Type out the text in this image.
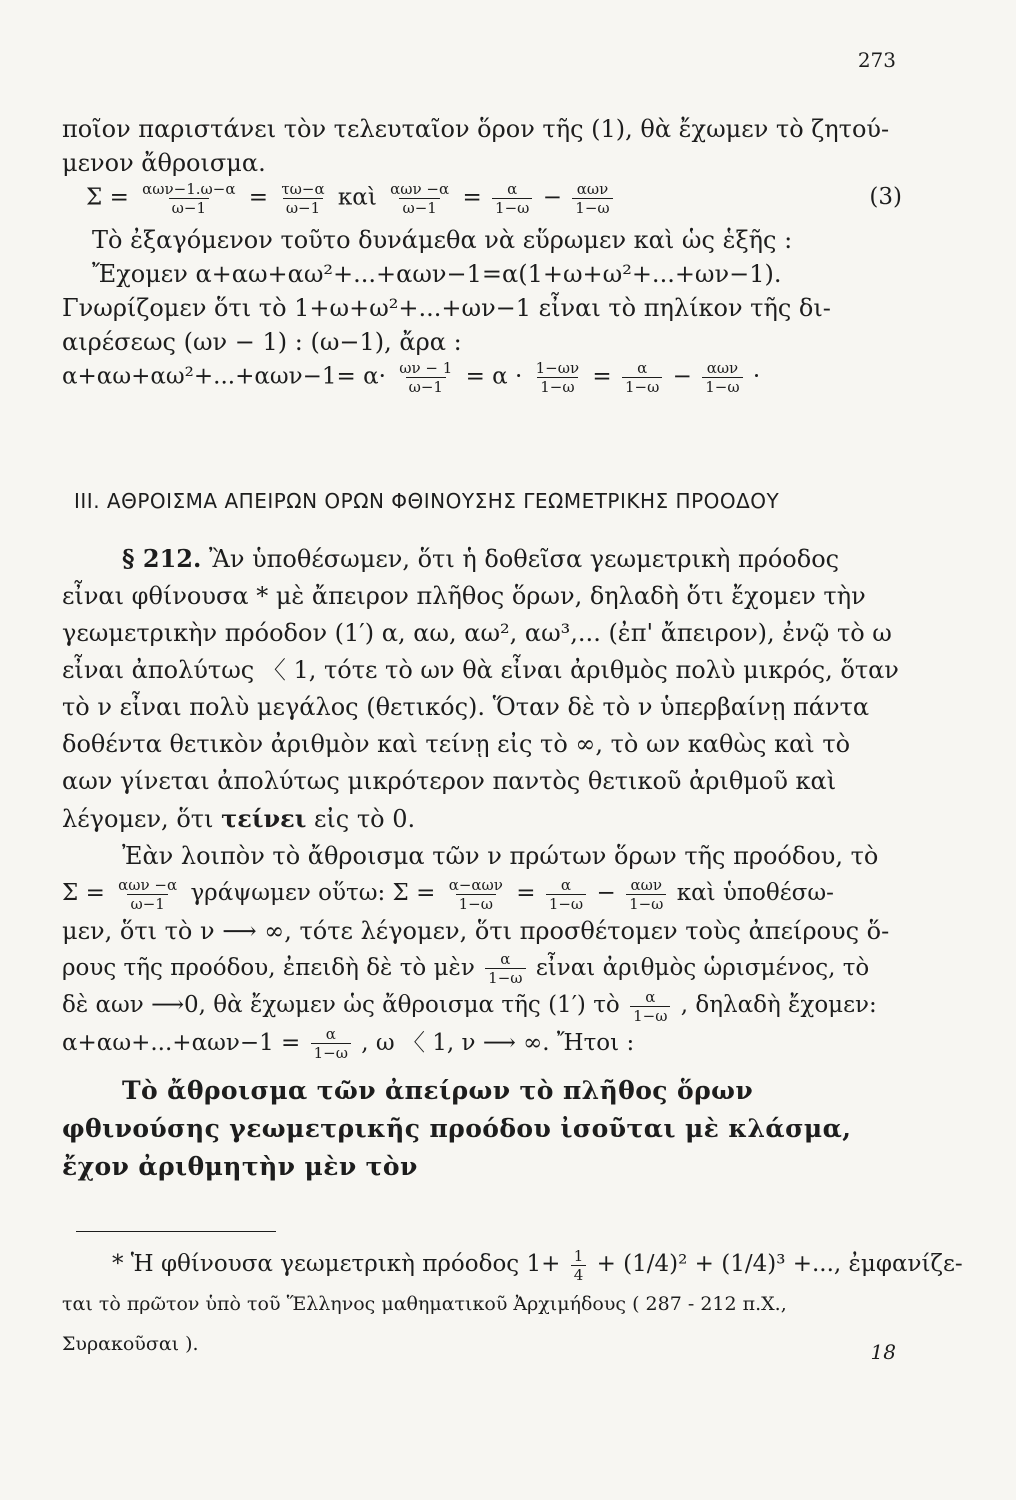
273

ποῖον παριστάνει τὸν τελευταῖον ὅρον τῆς (1), θὰ ἔχωμεν τὸ ζητού-

μενον ἄθροισμα.

$\Sigma = \frac{\text{αων−1.ω−α}}{\omega-1} = \frac{\tau\omega-\alpha}{\omega-1}$ καὶ $\frac{\text{αων −α}}{\omega-1} = \frac{\alpha}{1-\omega} - \frac{\text{αων}}{1-\omega}$	(3)

Τὸ ἐξαγόμενον τοῦτο δυνάμεθα νὰ εὕρωμεν καὶ ὡς ἑξῆς :

Ἔχομεν α+αω+αω²+...+αων−1=α(1+ω+ω²+...+ων−1).

Γνωρίζομεν ὅτι τὸ 1+ω+ω²+...+ων−1 εἶναι τὸ πηλίκον τῆς δι-

αιρέσεως (ων − 1) : (ω−1), ἄρα :

$\alpha+\alpha\omega+\alpha\omega^2+...+\alpha\omega\nu-1= \alpha\cdot \frac{\omega\nu - 1}{\omega-1} = \alpha \cdot \frac{1-\omega\nu}{1-\omega} = \frac{\alpha}{1-\omega} - \frac{\text{αων}}{1-\omega}$ ·

III. ΑΘΡΟΙΣΜΑ ΑΠΕΙΡΩΝ ΟΡΩΝ ΦΘΙΝΟΥΣΗΣ ΓΕΩΜΕΤΡΙΚΗΣ ΠΡΟΟΔΟΥ

§ 212. Ἂν ὑποθέσωμεν, ὅτι ἡ δοθεῖσα γεωμετρικὴ πρόοδος εἶναι φθίνουσα * μὲ ἄπειρον πλῆθος ὅρων, δηλαδὴ ὅτι ἔχομεν τὴν γεωμετρικὴν πρόοδον (1′) α, αω, αω², αω³,... (ἐπ' ἄπειρον), ἐνῷ τὸ ω εἶναι ἀπολύτως 〈 1, τότε τὸ ων θὰ εἶναι ἀριθμὸς πολὺ μικρός, ὅταν τὸ ν εἶναι πολὺ μεγάλος (θετικός). Ὅταν δὲ τὸ ν ὑπερβαίνῃ πάντα δοθέντα θετικὸν ἀριθμὸν καὶ τείνῃ εἰς τὸ ∞, τὸ ων καθὼς καὶ τὸ αων γίνεται ἀπολύτως μικρότερον παντὸς θετικοῦ ἀριθμοῦ καὶ λέγομεν, ὅτι τείνει εἰς τὸ 0.

Ἐὰν λοιπὸν τὸ ἄθροισμα τῶν ν πρώτων ὅρων τῆς προόδου, τὸ

$\Sigma = \frac{\text{αων −α}}{\omega-1}$ γράψωμεν οὕτω: $\Sigma = \frac{\text{α−αων}}{1-\omega} = \frac{\alpha}{1-\omega} - \frac{\text{αων}}{1-\omega}$ καὶ ὑποθέσω-

μεν, ὅτι τὸ ν ⟶ ∞, τότε λέγομεν, ὅτι προσθέτομεν τοὺς ἀπείρους ὅ-

ρους τῆς προόδου, ἐπειδὴ δὲ τὸ μὲν $\frac{\alpha}{1-\omega}$ εἶναι ἀριθμὸς ὡρισμένος, τὸ

δὲ αων ⟶0, θὰ ἔχωμεν ὡς ἄθροισμα τῆς (1′) τὸ $\frac{\alpha}{1-\omega}$ , δηλαδὴ ἔχομεν:

$\alpha+\alpha\omega+...+\alpha\omega\nu-1 = \frac{\alpha}{1-\omega}$ , ω 〈 1, ν ⟶ ∞. Ἤτοι :

Τὸ ἄθροισμα τῶν ἀπείρων τὸ πλῆθος ὅρων φθινούσης γεωμετρικῆς προόδου ἰσοῦται μὲ κλάσμα, ἔχον ἀριθμητὴν μὲν τὸν

* Ἡ φθίνουσα γεωμετρικὴ πρόοδος $1+ \frac{1}{4} + (1/4)^2 + (1/4)^3$ +..., ἐμφανίζε-

ται τὸ πρῶτον ὑπὸ τοῦ Ἕλληνος μαθηματικοῦ Ἀρχιμήδους ( 287 - 212 π.Χ., Συρακοῦσαι ).	18
